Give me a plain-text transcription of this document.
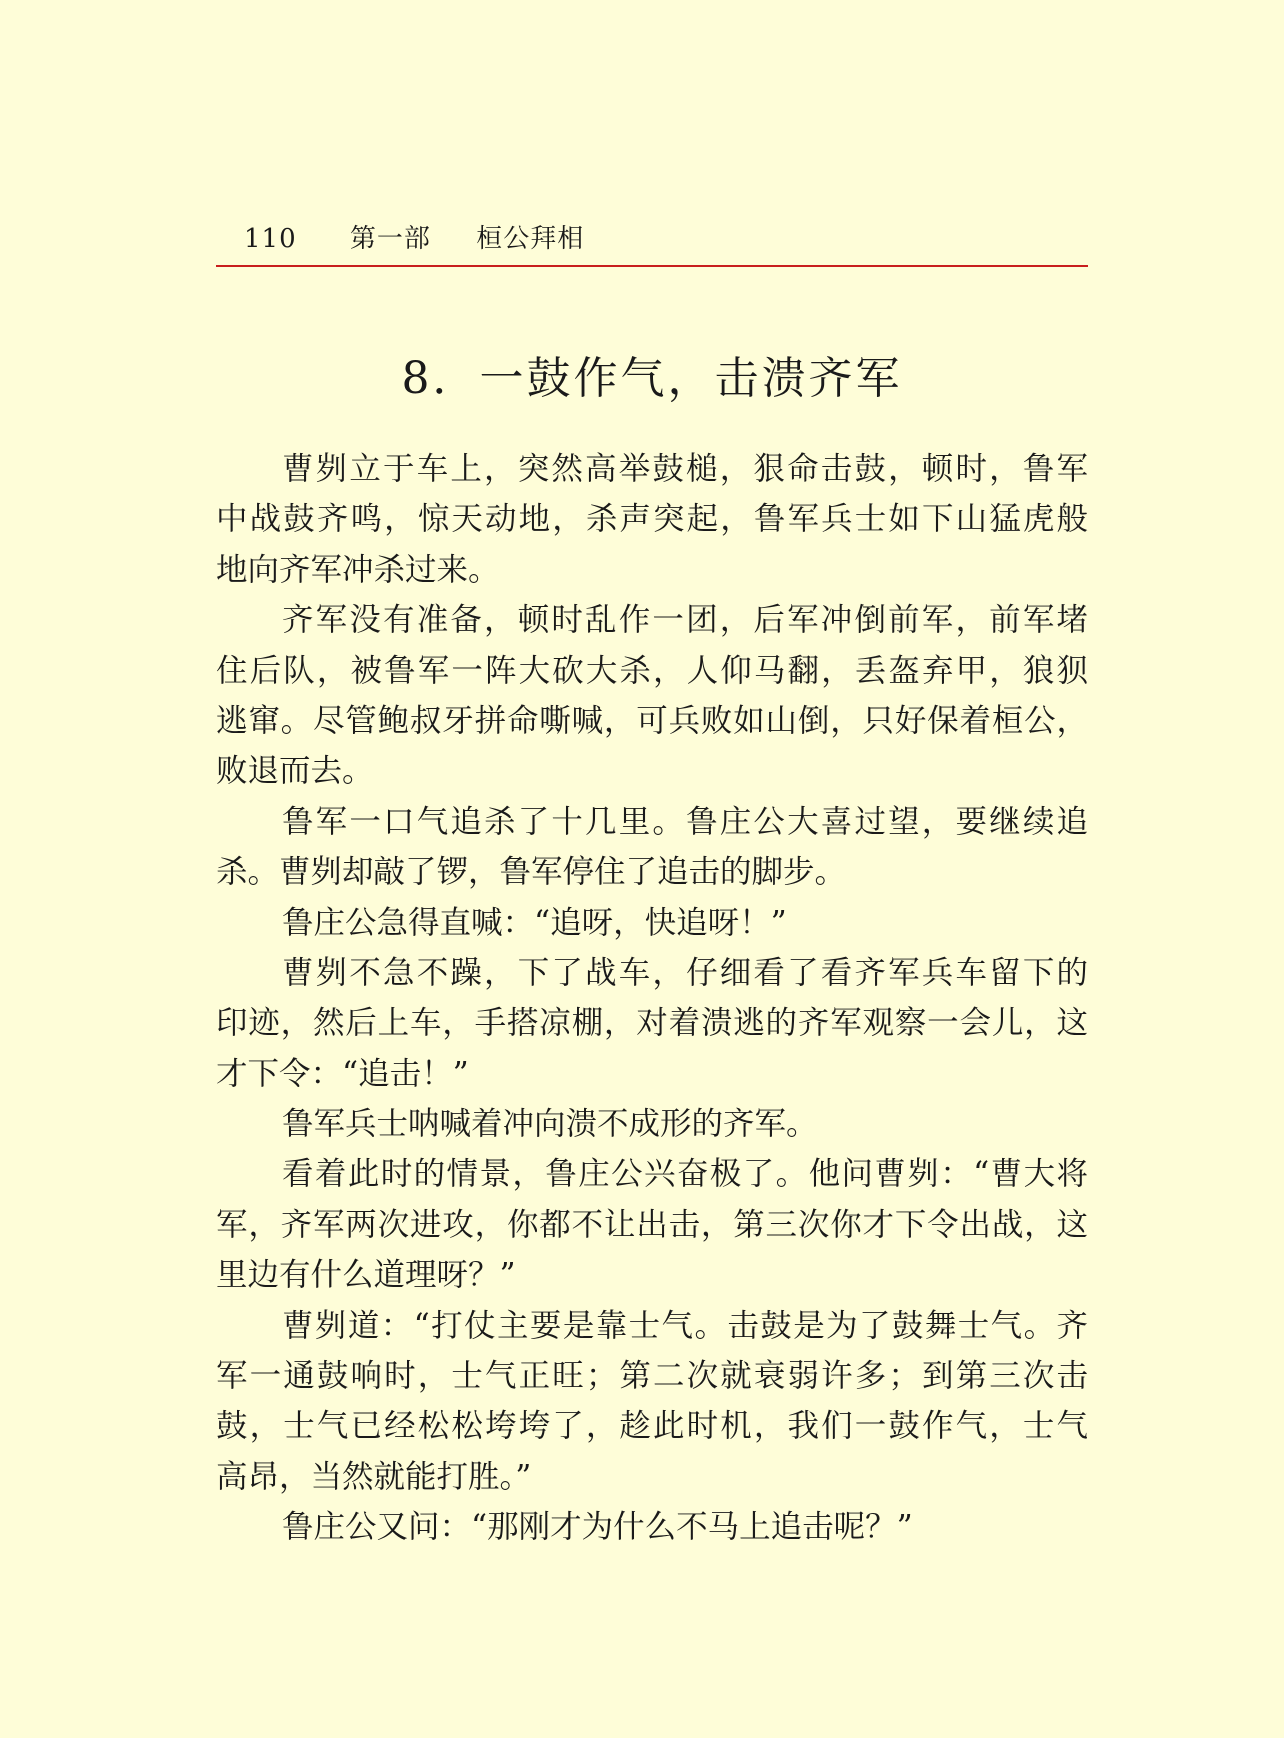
110 第一部 桓公拜相
8．一鼓作气，击溃齐军
曹刿立于车上，突然高举鼓槌，狠命击鼓，顿时，鲁军
中战鼓齐鸣，惊天动地，杀声突起，鲁军兵士如下山猛虎般
地向齐军冲杀过来。
齐军没有准备，顿时乱作一团，后军冲倒前军，前军堵
住后队，被鲁军一阵大砍大杀，人仰马翻，丢盔弃甲，狼狈
逃窜。尽管鲍叔牙拼命嘶喊，可兵败如山倒，只好保着桓公，
败退而去。
鲁军一口气追杀了十几里。鲁庄公大喜过望，要继续追
杀。曹刿却敲了锣，鲁军停住了追击的脚步。
鲁庄公急得直喊：“追呀，快追呀！”
曹刿不急不躁，下了战车，仔细看了看齐军兵车留下的
印迹，然后上车，手搭凉棚，对着溃逃的齐军观察一会儿，这
才下令：“追击！”
鲁军兵士呐喊着冲向溃不成形的齐军。
看着此时的情景，鲁庄公兴奋极了。他问曹刿：“曹大将
军，齐军两次进攻，你都不让出击，第三次你才下令出战，这
里边有什么道理呀？”
曹刿道：“打仗主要是靠士气。击鼓是为了鼓舞士气。齐
军一通鼓响时，士气正旺；第二次就衰弱许多；到第三次击
鼓，士气已经松松垮垮了，趁此时机，我们一鼓作气，士气
高昂，当然就能打胜。”
鲁庄公又问：“那刚才为什么不马上追击呢？”
